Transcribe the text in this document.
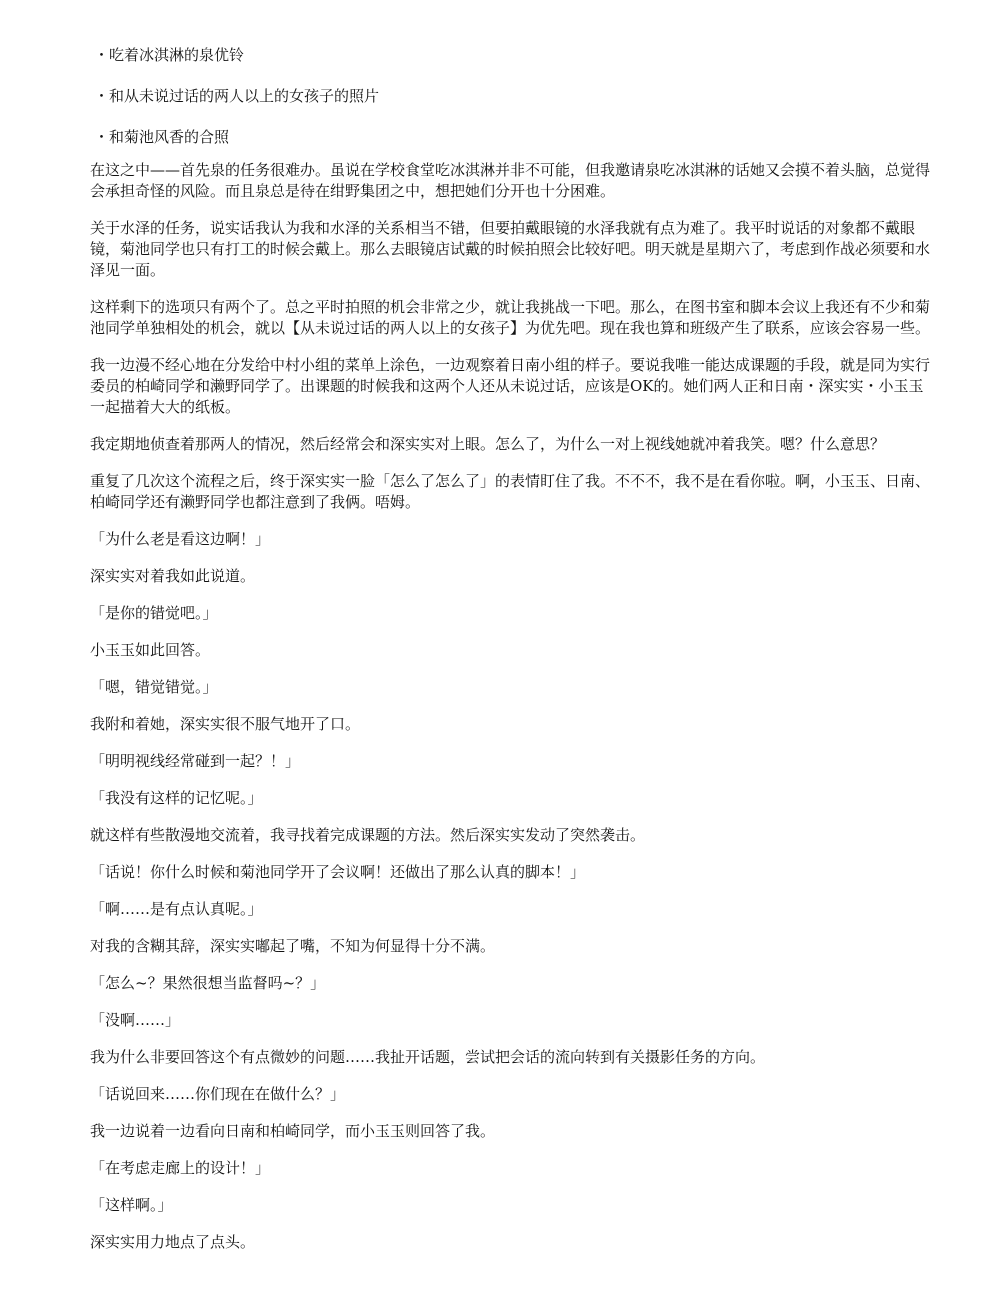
・吃着冰淇淋的泉优铃

・和从未说过话的两人以上的女孩子的照片

・和菊池风香的合照

在这之中——首先泉的任务很难办。虽说在学校食堂吃冰淇淋并非不可能，但我邀请泉吃冰淇淋的话她又会摸不着头脑，总觉得会承担奇怪的风险。而且泉总是待在绀野集团之中，想把她们分开也十分困难。

关于水泽的任务，说实话我认为我和水泽的关系相当不错，但要拍戴眼镜的水泽我就有点为难了。我平时说话的对象都不戴眼镜，菊池同学也只有打工的时候会戴上。那么去眼镜店试戴的时候拍照会比较好吧。明天就是星期六了，考虑到作战必须要和水泽见一面。

这样剩下的选项只有两个了。总之平时拍照的机会非常之少，就让我挑战一下吧。那么，在图书室和脚本会议上我还有不少和菊池同学单独相处的机会，就以【从未说过话的两人以上的女孩子】为优先吧。现在我也算和班级产生了联系，应该会容易一些。

我一边漫不经心地在分发给中村小组的菜单上涂色，一边观察着日南小组的样子。要说我唯一能达成课题的手段，就是同为实行委员的柏崎同学和濑野同学了。出课题的时候我和这两个人还从未说过话，应该是OK的。她们两人正和日南・深实实・小玉玉一起描着大大的纸板。

我定期地侦查着那两人的情况，然后经常会和深实实对上眼。怎么了，为什么一对上视线她就冲着我笑。嗯？什么意思？

重复了几次这个流程之后，终于深实实一脸「怎么了怎么了」的表情盯住了我。不不不，我不是在看你啦。啊，小玉玉、日南、柏崎同学还有濑野同学也都注意到了我俩。唔姆。

「为什么老是看这边啊！」

深实实对着我如此说道。

「是你的错觉吧。」

小玉玉如此回答。

「嗯，错觉错觉。」

我附和着她，深实实很不服气地开了口。

「明明视线经常碰到一起？！」

「我没有这样的记忆呢。」

就这样有些散漫地交流着，我寻找着完成课题的方法。然后深实实发动了突然袭击。

「话说！你什么时候和菊池同学开了会议啊！还做出了那么认真的脚本！」

「啊……是有点认真呢。」

对我的含糊其辞，深实实嘟起了嘴，不知为何显得十分不满。

「怎么~？果然很想当监督吗~？」

「没啊……」

我为什么非要回答这个有点微妙的问题……我扯开话题，尝试把会话的流向转到有关摄影任务的方向。

「话说回来……你们现在在做什么？」

我一边说着一边看向日南和柏崎同学，而小玉玉则回答了我。

「在考虑走廊上的设计！」

「这样啊。」

深实实用力地点了点头。
